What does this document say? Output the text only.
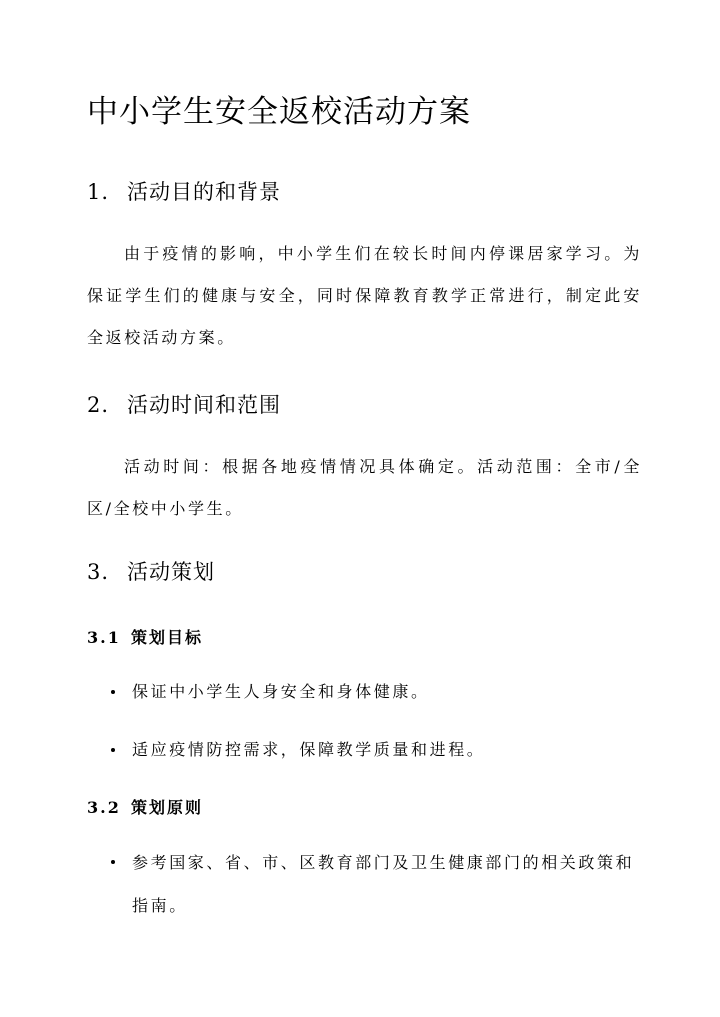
中小学生安全返校活动方案
1. 活动目的和背景

由于疫情的影响，中小学生们在较长时间内停课居家学习。为保证学生们的健康与安全，同时保障教育教学正常进行，制定此安全返校活动方案。

2. 活动时间和范围

活动时间：根据各地疫情情况具体确定。活动范围：全市/全区/全校中小学生。

3. 活动策划
3.1 策划目标
保证中小学生人身安全和身体健康。
适应疫情防控需求，保障教学质量和进程。
3.2 策划原则
参考国家、省、市、区教育部门及卫生健康部门的相关政策和指南。
